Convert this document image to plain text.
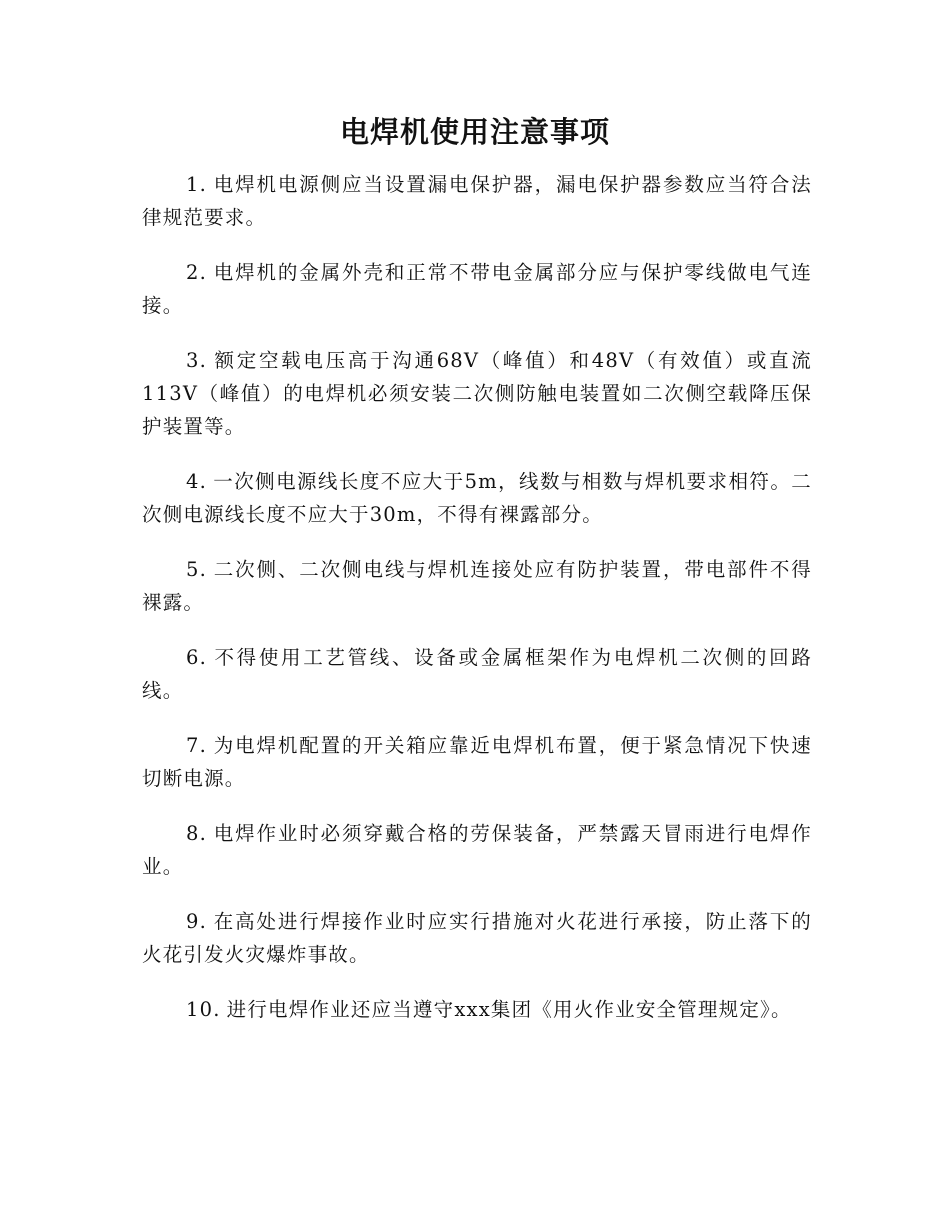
电焊机使用注意事项

1. 电焊机电源侧应当设置漏电保护器，漏电保护器参数应当符合法律规范要求。

2. 电焊机的金属外壳和正常不带电金属部分应与保护零线做电气连接。

3. 额定空载电压高于沟通68V（峰值）和48V（有效值）或直流113V（峰值）的电焊机必须安装二次侧防触电装置如二次侧空载降压保护装置等。

4. 一次侧电源线长度不应大于5m，线数与相数与焊机要求相符。二次侧电源线长度不应大于30m，不得有裸露部分。

5. 二次侧、二次侧电线与焊机连接处应有防护装置，带电部件不得裸露。

6. 不得使用工艺管线、设备或金属框架作为电焊机二次侧的回路线。

7. 为电焊机配置的开关箱应靠近电焊机布置，便于紧急情况下快速切断电源。

8. 电焊作业时必须穿戴合格的劳保装备，严禁露天冒雨进行电焊作业。

9. 在高处进行焊接作业时应实行措施对火花进行承接，防止落下的火花引发火灾爆炸事故。

10. 进行电焊作业还应当遵守xxx集团《用火作业安全管理规定》。
